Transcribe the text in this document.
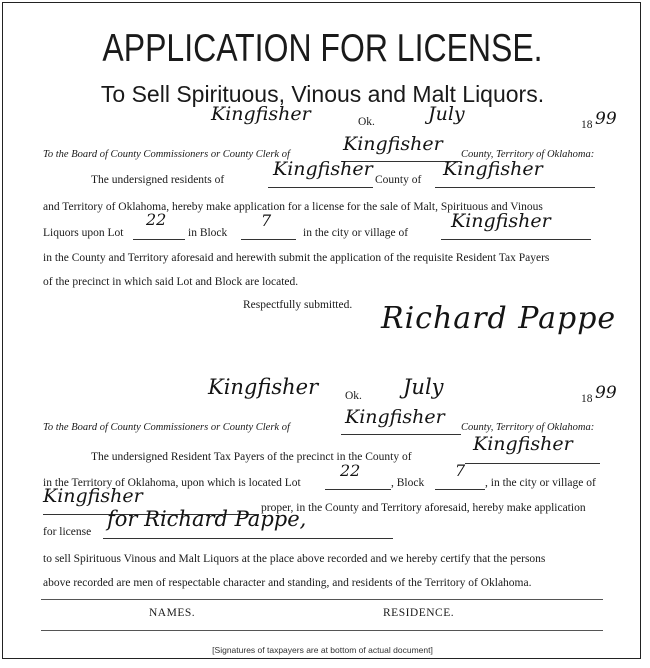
APPLICATION FOR LICENSE.
To Sell Spirituous, Vinous and Malt Liquors.
Kingfisher	Ok.	July	18 99
To the Board of County Commissioners or County Clerk of	Kingfisher County, Territory of Oklahoma:
The undersigned residents of	Kingfisher County of Kingfisher
and Territory of Oklahoma, hereby make application for a license for the sale of Malt, Spirituous and Vinous
Liquors upon Lot
22
in Block
7
in the city or village of
Kingfisher
in the County and Territory aforesaid and herewith submit the application of the requisite Resident Tax Payers
of the precinct in which said Lot and Block are located.
Respectfully submitted. Richard Pappe
Kingfisher Ok. July	18 99
To the Board of County Commissioners or County Clerk of	Kingfisher County, Territory of Oklahoma:
The undersigned Resident Tax Payers of the precinct in the County of
Kingfisher
in the Territory of Oklahoma, upon which is located Lot
22
, Block
7
, in the city or village of
Kingfisher
proper, in the County and Territory aforesaid, hereby make application
for license
for Richard Pappe,
to sell Spirituous Vinous and Malt Liquors at the place above recorded and we hereby certify that the persons
above recorded are men of respectable character and standing, and residents of the Territory of Oklahoma.
NAMES.	RESIDENCE.
[Signatures of taxpayers are at bottom of actual document]
